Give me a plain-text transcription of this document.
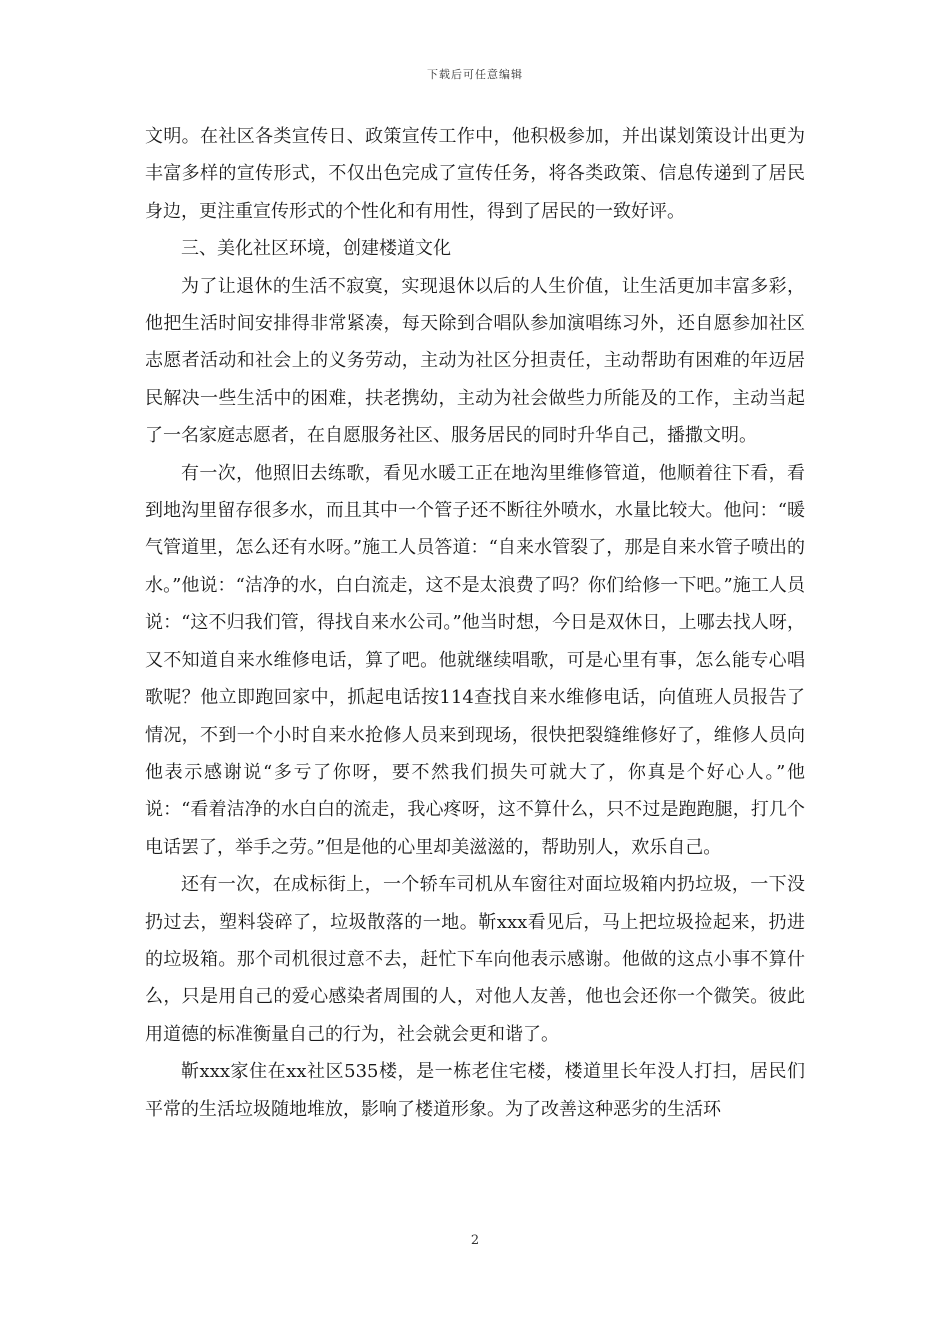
下载后可任意编辑

文明。在社区各类宣传日、政策宣传工作中，他积极参加，并出谋划策设计出更为丰富多样的宣传形式，不仅出色完成了宣传任务，将各类政策、信息传递到了居民身边，更注重宣传形式的个性化和有用性，得到了居民的一致好评。

三、美化社区环境，创建楼道文化

为了让退休的生活不寂寞，实现退休以后的人生价值，让生活更加丰富多彩，他把生活时间安排得非常紧凑，每天除到合唱队参加演唱练习外，还自愿参加社区志愿者活动和社会上的义务劳动，主动为社区分担责任，主动帮助有困难的年迈居民解决一些生活中的困难，扶老携幼，主动为社会做些力所能及的工作，主动当起了一名家庭志愿者，在自愿服务社区、服务居民的同时升华自己，播撒文明。

有一次，他照旧去练歌，看见水暖工正在地沟里维修管道，他顺着往下看，看到地沟里留存很多水，而且其中一个管子还不断往外喷水，水量比较大。他问：“暖气管道里，怎么还有水呀。”施工人员答道：“自来水管裂了，那是自来水管子喷出的水。”他说：“洁净的水，白白流走，这不是太浪费了吗？你们给修一下吧。”施工人员说：“这不归我们管，得找自来水公司。”他当时想，今日是双休日，上哪去找人呀，又不知道自来水维修电话，算了吧。他就继续唱歌，可是心里有事，怎么能专心唱歌呢？他立即跑回家中，抓起电话按114查找自来水维修电话，向值班人员报告了情况，不到一个小时自来水抢修人员来到现场，很快把裂缝维修好了，维修人员向他表示感谢说“多亏了你呀，要不然我们损失可就大了，你真是个好心人。”他说：“看着洁净的水白白的流走，我心疼呀，这不算什么，只不过是跑跑腿，打几个电话罢了，举手之劳。”但是他的心里却美滋滋的，帮助别人，欢乐自己。

还有一次，在成标街上，一个轿车司机从车窗往对面垃圾箱内扔垃圾，一下没扔过去，塑料袋碎了，垃圾散落的一地。靳xxx看见后，马上把垃圾捡起来，扔进的垃圾箱。那个司机很过意不去，赶忙下车向他表示感谢。他做的这点小事不算什么，只是用自己的爱心感染者周围的人，对他人友善，他也会还你一个微笑。彼此用道德的标准衡量自己的行为，社会就会更和谐了。

靳xxx家住在xx社区535楼，是一栋老住宅楼，楼道里长年没人打扫，居民们平常的生活垃圾随地堆放，影响了楼道形象。为了改善这种恶劣的生活环

2
